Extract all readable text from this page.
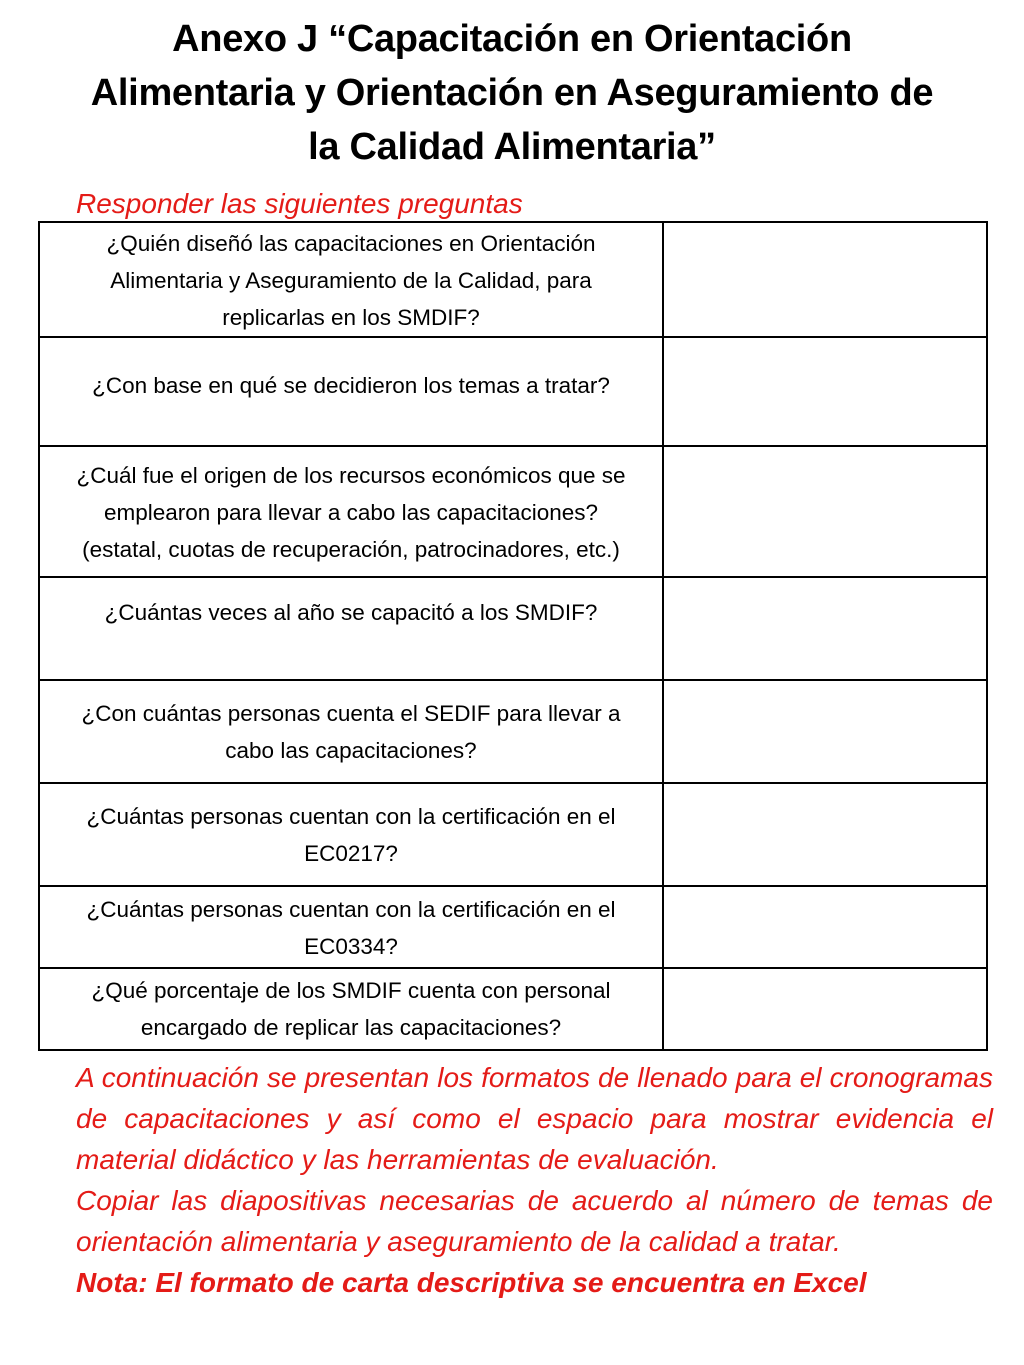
Anexo J “Capacitación en Orientación
Alimentaria y Orientación en Aseguramiento de
la Calidad Alimentaria”
Responder las siguientes preguntas
¿Quién diseñó las capacitaciones en Orientación
Alimentaria y Aseguramiento de la Calidad, para
replicarlas en los SMDIF?	

¿Con base en qué se decidieron los temas a tratar?	

¿Cuál fue el origen de los recursos económicos que se
emplearon para llevar a cabo las capacitaciones?
(estatal, cuotas de recuperación, patrocinadores, etc.)	

¿Cuántas veces al año se capacitó a los SMDIF?	

¿Con cuántas personas cuenta el SEDIF para llevar a
cabo las capacitaciones?	

¿Cuántas personas cuentan con la certificación en el
EC0217?	

¿Cuántas personas cuentan con la certificación en el
EC0334?	

¿Qué porcentaje de los SMDIF cuenta con personal
encargado de replicar las capacitaciones?	

A continuación se presentan los formatos de llenado para el cronogramas de capacitaciones y así como el espacio para mostrar evidencia el material didáctico y las herramientas de evaluación.

Copiar las diapositivas necesarias de acuerdo al número de temas de orientación alimentaria y aseguramiento de la calidad a tratar.

Nota: El formato de carta descriptiva se encuentra en Excel
